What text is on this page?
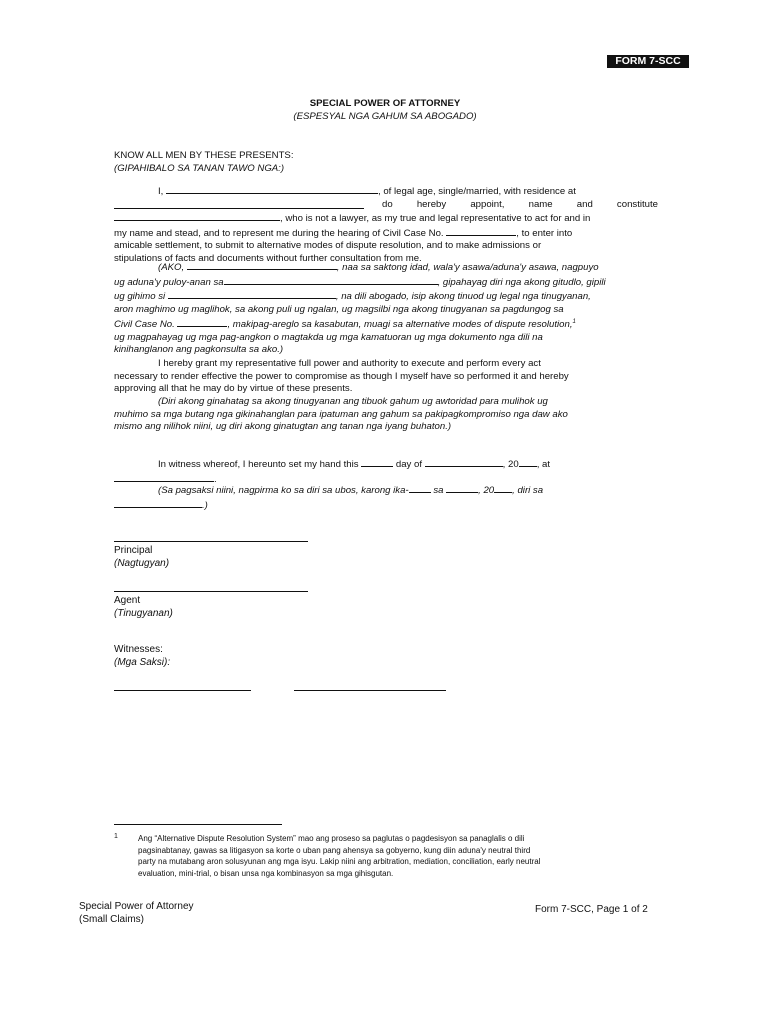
FORM 7-SCC
SPECIAL POWER OF ATTORNEY
(ESPESYAL NGA GAHUM SA ABOGADO)
KNOW ALL MEN BY THESE PRESENTS:
(GIPAHIBALO SA TANAN TAWO NGA:)
I,	, of legal age, single/married, with residence at
do hereby appoint, name and constitute
, who is not a lawyer, as my true and legal representative to act for and in
my name and stead, and to represent me during the hearing of Civil Case No.	, to enter into
amicable settlement, to submit to alternative modes of dispute resolution, and to make admissions or
stipulations of facts and documents without further consultation from me.
(AKO,	, naa sa saktong idad, wala'y asawa/aduna'y asawa, nagpuyo
ug aduna'y puloy-anan sa	, gipahayag diri nga akong gitudlo, gipili
ug gihimo si	, na dili abogado, isip akong tinuod ug legal nga tinugyanan,
aron maghimo ug maglihok, sa akong puli ug ngalan, ug magsilbi nga akong tinugyanan sa pagdungog sa
Civil Case No.	, makipag-areglo sa kasabutan, muagi sa alternative modes of dispute resolution,$^1$
ug magpahayag ug mga pag-angkon o magtakda ug mga kamatuoran ug mga dokumento nga dili na
kinihanglanon ang pagkonsulta sa ako.)
I hereby grant my representative full power and authority to execute and perform every act
necessary to render effective the power to compromise as though I myself have so performed it and hereby
approving all that he may do by virtue of these presents.
(Diri akong ginahatag sa akong tinugyanan ang tibuok gahum ug awtoridad para mulihok ug
muhimo sa mga butang nga gikinahanglan para ipatuman ang gahum sa pakipagkompromiso nga daw ako
mismo ang nilihok niini, ug diri akong ginatugtan ang tanan nga iyang buhaton.)
In witness whereof, I hereunto set my hand this	day of	, 20 , at
.
(Sa pagsaksi niini, nagpirma ko sa diri sa ubos, karong ika-	sa	, 20 , diri sa
.)
Principal
(Nagtugyan)
Agent
(Tinugyanan)
Witnesses:
(Mga Saksi):
1	Ang “Alternative Dispute Resolution System” mao ang proseso sa paglutas o pagdesisyon sa panaglalis o dili
pagsinabtanay, gawas sa litigasyon sa korte o uban pang ahensya sa gobyerno, kung diin aduna'y neutral third
party na mutabang aron solusyunan ang mga isyu. Lakip niini ang arbitration, mediation, conciliation, early neutral
evaluation, mini-trial, o bisan unsa nga kombinasyon sa mga gihisgutan.
Special Power of Attorney
(Small Claims)
Form 7-SCC, Page 1 of 2
